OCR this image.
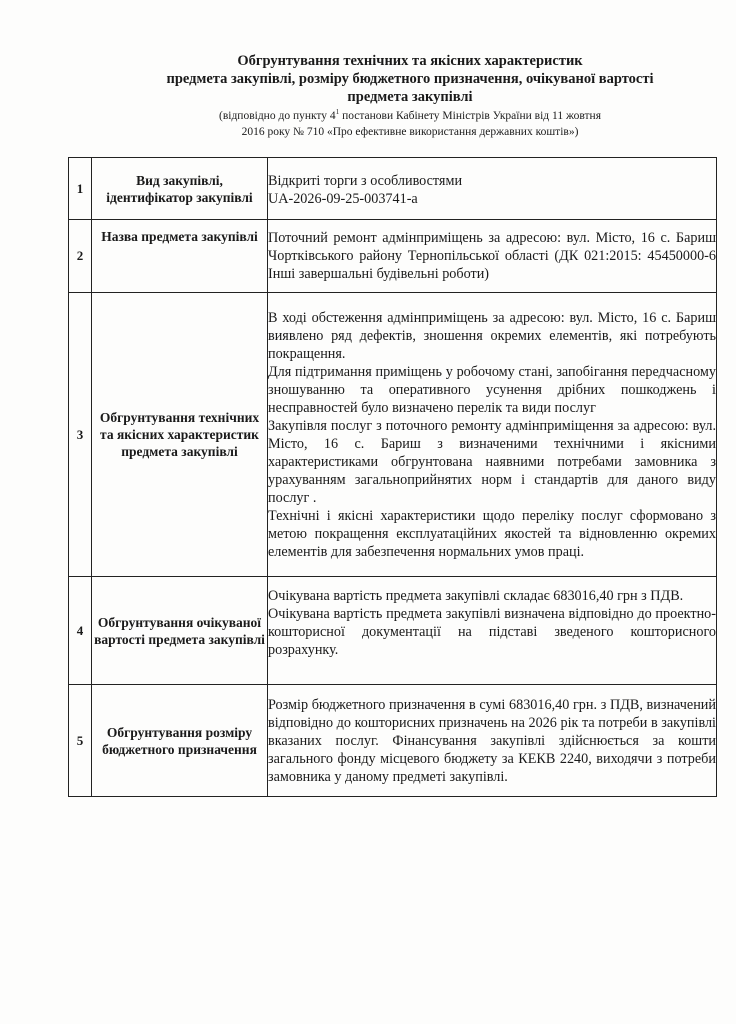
Обгрунтування технічних та якісних характеристик
предмета закупівлі, розміру бюджетного призначення, очікуваної вартості
предмета закупівлі
(відповідно до пункту $4^1$ постанови Кабінету Міністрів України від 11 жовтня
2016 року № 710 «Про ефективне використання державних коштів»)
1	Вид закупівлі, ідентифікатор закупівлі	Відкриті торги з особливостями

UA-2026-09-25-003741-a

2	Назва предмета закупівлі	Поточний ремонт адмінприміщень за адресою: вул. Місто, 16 с. Бариш Чортківського району Тернопільської області (ДК 021:2015: 45450000-6 Інші завершальні будівельні роботи)

3	Обгрунтування технічних та якісних характеристик предмета закупівлі	В ході обстеження адмінприміщень за адресою: вул. Місто, 16 с. Бариш виявлено ряд дефектів, зношення окремих елементів, які потребують покращення.

Для підтримання приміщень у робочому стані, запобігання передчасному зношуванню та оперативного усунення дрібних пошкоджень і несправностей було визначено перелік та види послуг

Закупівля послуг з поточного ремонту адмінприміщення за адресою: вул. Місто, 16 с. Бариш з визначеними технічними і якісними характеристиками обгрунтована наявними потребами замовника з урахуванням загальноприйнятих норм і стандартів для даного виду послуг .

Технічні і якісні характеристики щодо переліку послуг сформовано з метою покращення експлуатаційних якостей та відновленню окремих елементів для забезпечення нормальних умов праці.

4	Обгрунтування очікуваної вартості предмета закупівлі	Очікувана вартість предмета закупівлі складає 683016,40 грн з ПДВ.

Очікувана вартість предмета закупівлі визначена відповідно до проектно-кошторисної документації на підставі зведеного кошторисного розрахунку.

5	Обгрунтування розміру бюджетного призначення	Розмір бюджетного призначення в сумі 683016,40 грн. з ПДВ, визначений відповідно до кошторисних призначень на 2026 рік та потреби в закупівлі вказаних послуг. Фінансування закупівлі здійснюється за кошти загального фонду місцевого бюджету за КЕКВ 2240, виходячи з потреби замовника у даному предметі закупівлі.
